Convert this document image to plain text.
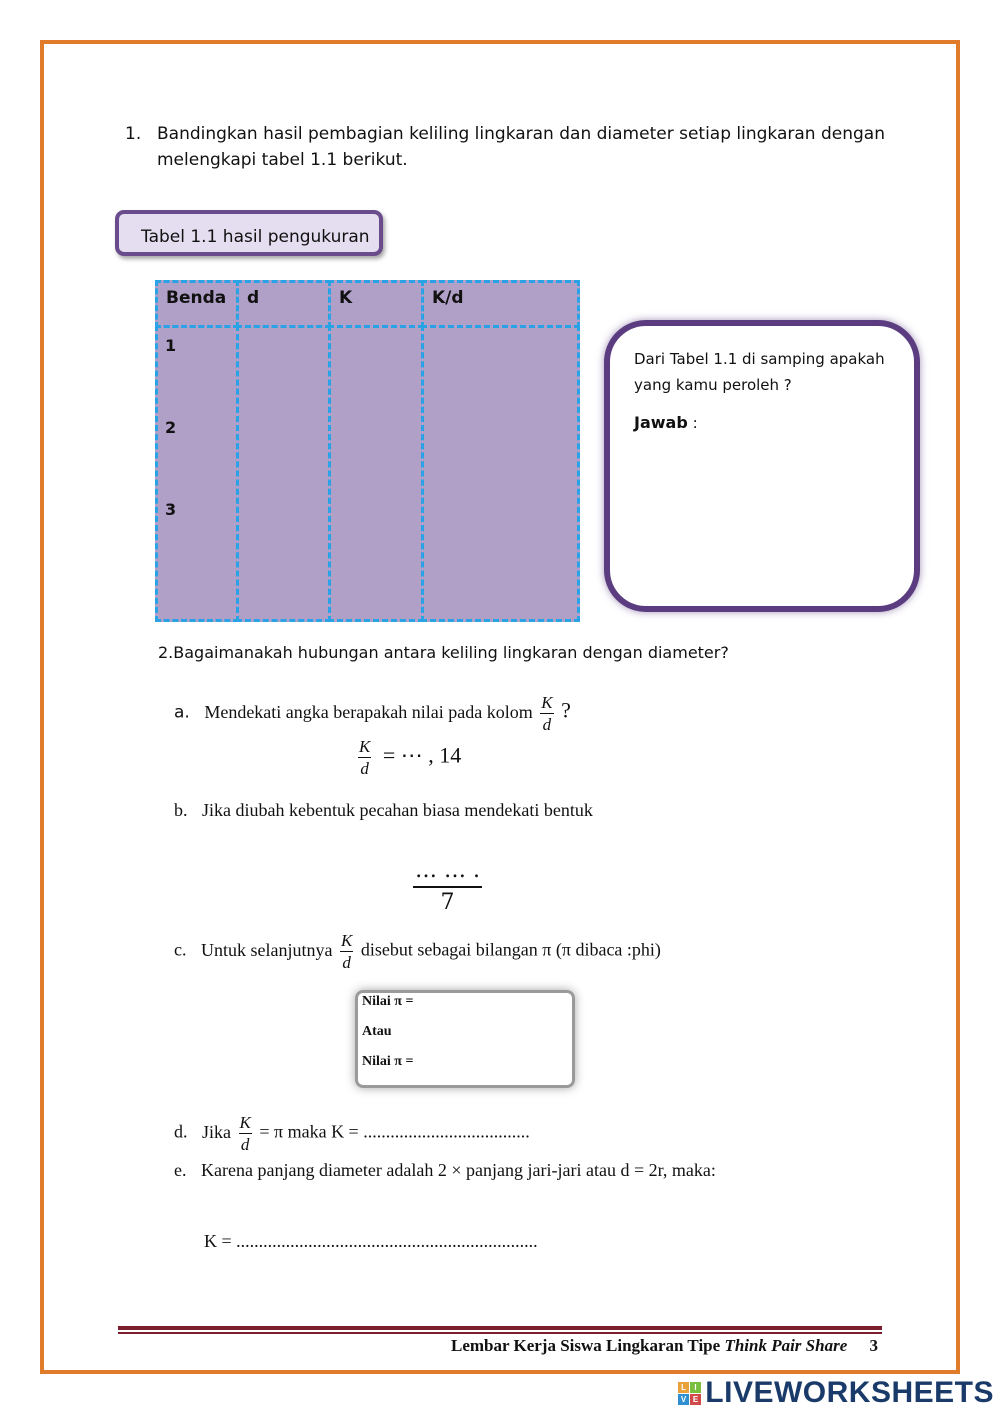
1. Bandingkan hasil pembagian keliling lingkaran dan diameter setiap lingkaran dengan melengkapi tabel 1.1 berikut.
Tabel 1.1 hasil pengukuran
Benda	d	K	K/d
1
2
3
Dari Tabel 1.1 di samping apakah yang kamu peroleh ?
Jawab :
2.Bagaimanakah hubungan antara keliling lingkaran dengan diameter?
a. Mendekati angka berapakah nilai pada kolom $\frac{K}{d}$ ?
$\frac{K}{d}$ = ⋯ , 14
b. Jika diubah kebentuk pecahan biasa mendekati bentuk
$\frac{\dots \dots .}{7}$
c. Untuk selanjutnya $\frac{K}{d}$ disebut sebagai bilangan π (π dibaca :phi)
Nilai π =
Atau
Nilai π =
d. Jika $\frac{K}{d} = \pi$ maka K = .....................................
e. Karena panjang diameter adalah 2 × panjang jari-jari atau d = 2r, maka:
K = ...................................................................
Lembar Kerja Siswa Lingkaran Tipe Think Pair Share 3
L I
V E LIVEWORKSHEETS
